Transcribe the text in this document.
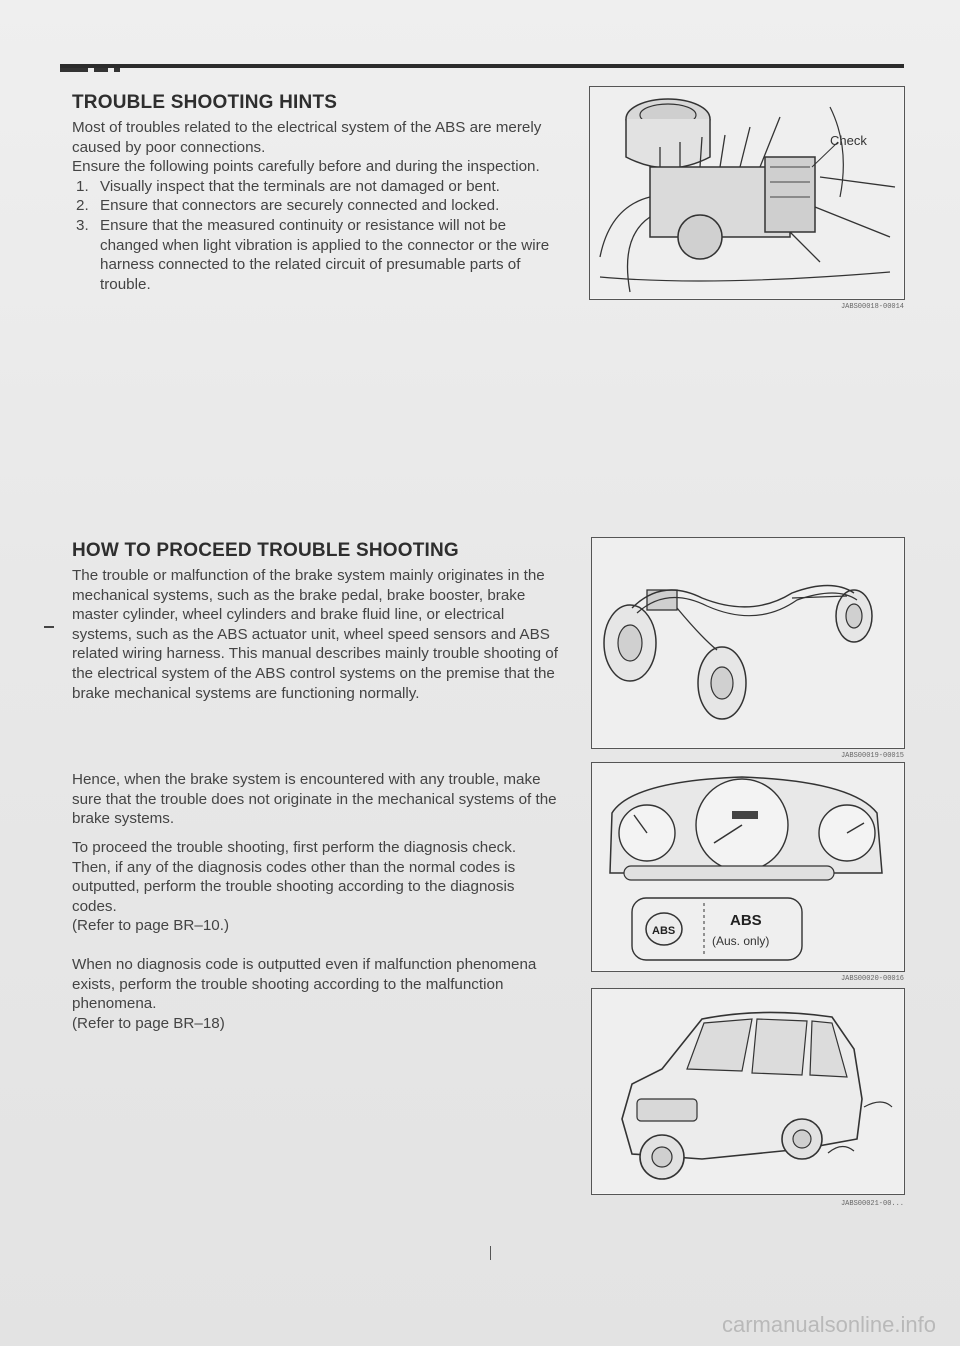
TROUBLE SHOOTING HINTS

Most of troubles related to the electrical system of the ABS are merely caused by poor connections.

Ensure the following points carefully before and during the inspection.

1. Visually inspect that the terminals are not damaged or bent.
2. Ensure that connectors are securely connected and locked.
3. Ensure that the measured continuity or resistance will not be changed when light vibration is applied to the connector or the wire harness connected to the related circuit of presumable parts of trouble.
Check
JABS00018-00014
HOW TO PROCEED TROUBLE SHOOTING
The trouble or malfunction of the brake system mainly originates in the mechanical systems, such as the brake pedal, brake booster, brake master cylinder, wheel cylinders and brake fluid line, or electrical systems, such as the ABS actuator unit, wheel speed sensors and ABS related wiring harness. This manual describes mainly trouble shooting of the electrical system of the ABS control systems on the premise that the brake mechanical systems are functioning normally.
Hence, when the brake system is encountered with any trouble, make sure that the trouble does not originate in the mechanical systems of the brake systems.

To proceed the trouble shooting, first perform the diagnosis check. Then, if any of the diagnosis codes other than the normal codes is outputted, perform the trouble shooting according to the diagnosis codes.

(Refer to page BR–10.)

When no diagnosis code is outputted even if malfunction phenomena exists, perform the trouble shooting according to the malfunction phenomena.

(Refer to page BR–18)

JABS00019-00015
ABS
ABS
(Aus. only)
JABS00020-00016
JABS00021-00...
carmanualsonline.info
